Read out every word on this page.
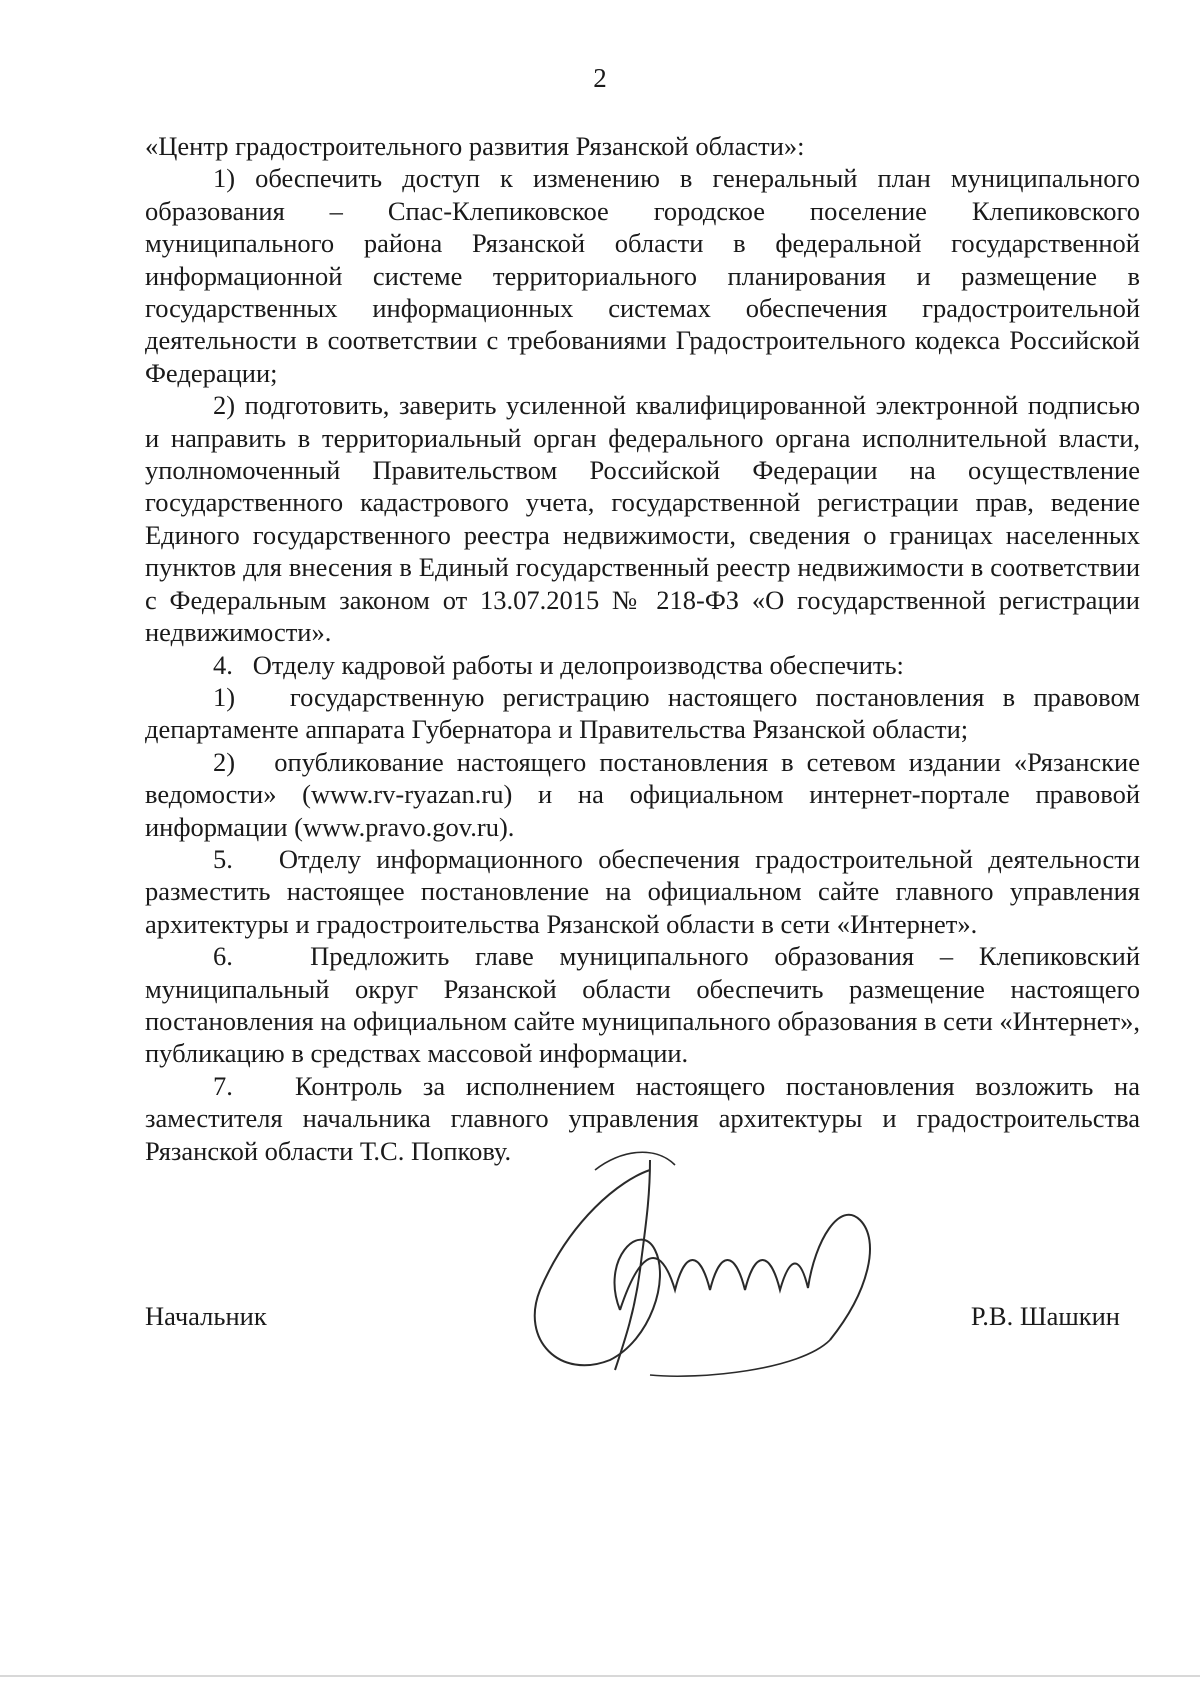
2

«Центр градостроительного развития Рязанской области»:

1) обеспечить доступ к изменению в генеральный план муниципального образования – Спас-Клепиковское городское поселение Клепиковского муниципального района Рязанской области в федеральной государственной информационной системе территориального планирования и размещение в государственных информационных системах обеспечения градостроительной деятельности в соответствии с требованиями Градостроительного кодекса Российской Федерации;

2) подготовить, заверить усиленной квалифицированной электронной подписью и направить в территориальный орган федерального органа исполнительной власти, уполномоченный Правительством Российской Федерации на осуществление государственного кадастрового учета, государственной регистрации прав, ведение Единого государственного реестра недвижимости, сведения о границах населенных пунктов для внесения в Единый государственный реестр недвижимости в соответствии с Федеральным законом от 13.07.2015 № 218-ФЗ «О государственной регистрации недвижимости».

4.   Отделу кадровой работы и делопроизводства обеспечить:

1)   государственную регистрацию настоящего постановления в правовом департаменте аппарата Губернатора и Правительства Рязанской области;

2)   опубликование настоящего постановления в сетевом издании «Рязанские ведомости» (www.rv-ryazan.ru) и на официальном интернет-портале правовой информации (www.pravo.gov.ru).

5.   Отделу информационного обеспечения градостроительной деятельности разместить настоящее постановление на официальном сайте главного управления архитектуры и градостроительства Рязанской области в сети «Интернет».

6.   Предложить главе муниципального образования – Клепиковский муниципальный округ Рязанской области обеспечить размещение настоящего постановления на официальном сайте муниципального образования в сети «Интернет», публикацию в средствах массовой информации.

7.   Контроль за исполнением настоящего постановления возложить на заместителя начальника главного управления архитектуры и градостроительства Рязанской области Т.С. Попкову.

Начальник	Р.В. Шашкин
